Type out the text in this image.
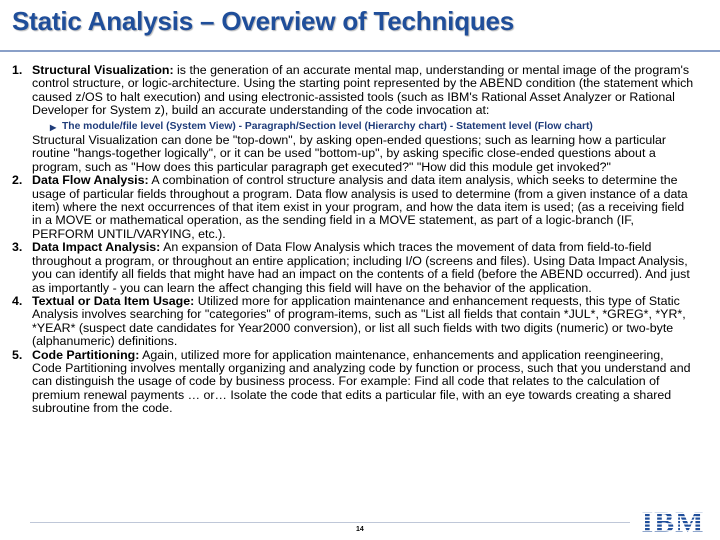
Static Analysis – Overview of Techniques
1. Structural Visualization: is the generation of an accurate mental map, understanding or mental image of the program's control structure, or logic-architecture. Using the starting point represented by the ABEND condition (the statement which caused z/OS to halt execution) and using electronic-assisted tools (such as IBM's Rational Asset Analyzer or Rational Developer for System z), build an accurate understanding of the code invocation at:
▶ The module/file level (System View) - Paragraph/Section level (Hierarchy chart) - Statement level (Flow chart)
Structural Visualization can done be "top-down", by asking open-ended questions; such as learning how a particular routine "hangs-together logically", or it can be used "bottom-up", by asking specific close-ended questions about a program, such as "How does this particular paragraph get executed?" "How did this module get invoked?"
2. Data Flow Analysis: A combination of control structure analysis and data item analysis, which seeks to determine the usage of particular fields throughout a program. Data flow analysis is used to determine (from a given instance of a data item) where the next occurrences of that item exist in your program, and how the data item is used; (as a receiving field in a MOVE or mathematical operation, as the sending field in a MOVE statement, as part of a logic-branch (IF, PERFORM UNTIL/VARYING, etc.).
3. Data Impact Analysis: An expansion of Data Flow Analysis which traces the movement of data from field-to-field throughout a program, or throughout an entire application; including I/O (screens and files). Using Data Impact Analysis, you can identify all fields that might have had an impact on the contents of a field (before the ABEND occurred). And just as importantly - you can learn the affect changing this field will have on the behavior of the application.
4. Textual or Data Item Usage: Utilized more for application maintenance and enhancement requests, this type of Static Analysis involves searching for "categories" of program-items, such as "List all fields that contain *JUL*, *GREG*, *YR*, *YEAR* (suspect date candidates for Year2000 conversion), or list all such fields with two digits (numeric) or two-byte (alphanumeric) definitions.
5. Code Partitioning: Again, utilized more for application maintenance, enhancements and application reengineering, Code Partitioning involves mentally organizing and analyzing code by function or process, such that you understand and can distinguish the usage of code by business process. For example: Find all code that relates to the calculation of premium renewal payments … or… Isolate the code that edits a particular file, with an eye towards creating a shared subroutine from the code.
14	IBM
